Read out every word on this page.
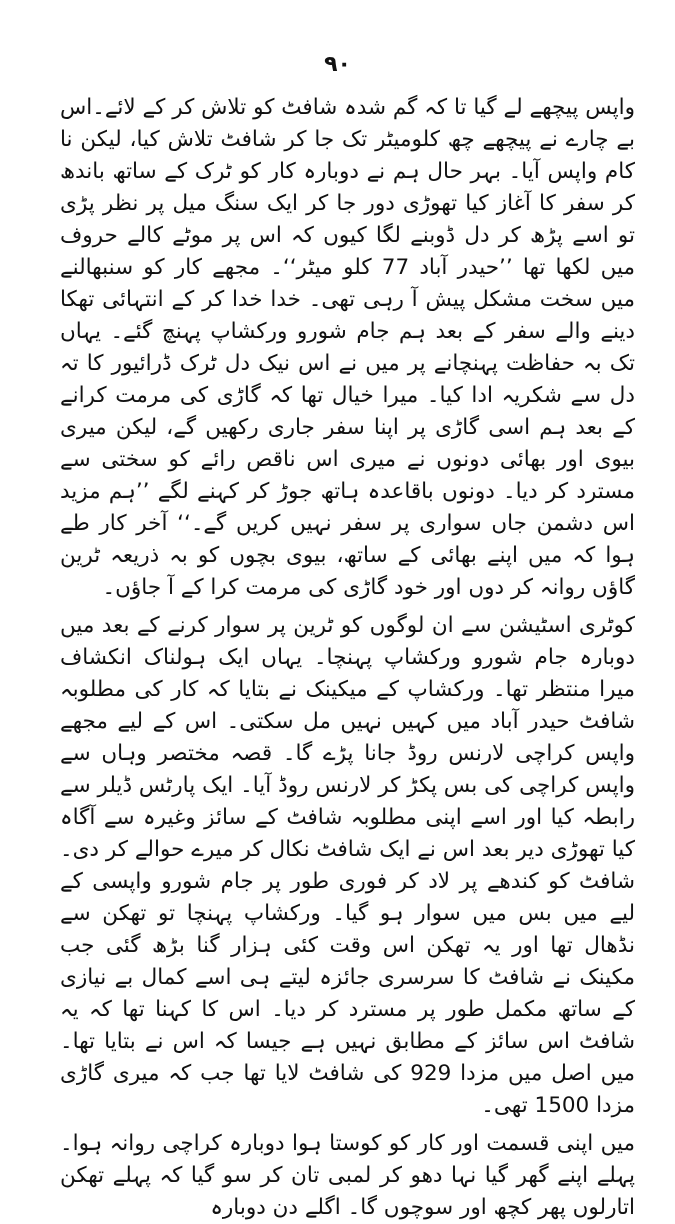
۹۰

واپس پیچھے لے گیا تا کہ گم شدہ شافٹ کو تلاش کر کے لائے۔اس بے چارے نے پیچھے چھ کلومیٹر تک جا کر شافٹ تلاش کیا، لیکن نا کام واپس آیا۔ بہر حال ہم نے دوبارہ کار کو ٹرک کے ساتھ باندھ کر سفر کا آغاز کیا تھوڑی دور جا کر ایک سنگ میل پر نظر پڑی تو اسے پڑھ کر دل ڈوبنے لگا کیوں کہ اس پر موٹے کالے حروف میں لکھا تھا ’’حیدر آباد 77 کلو میٹر‘‘۔ مجھے کار کو سنبھالنے میں سخت مشکل پیش آ رہی تھی۔ خدا خدا کر کے انتہائی تھکا دینے والے سفر کے بعد ہم جام شورو ورکشاپ پہنچ گئے۔ یہاں تک بہ حفاظت پہنچانے پر میں نے اس نیک دل ٹرک ڈرائیور کا تہ دل سے شکریہ ادا کیا۔ میرا خیال تھا کہ گاڑی کی مرمت کرانے کے بعد ہم اسی گاڑی پر اپنا سفر جاری رکھیں گے، لیکن میری بیوی اور بھائی دونوں نے میری اس ناقص رائے کو سختی سے مسترد کر دیا۔ دونوں باقاعدہ ہاتھ جوڑ کر کہنے لگے ’’ہم مزید اس دشمن جاں سواری پر سفر نہیں کریں گے۔‘‘ آخر کار طے ہوا کہ میں اپنے بھائی کے ساتھ، بیوی بچوں کو بہ ذریعہ ٹرین گاؤں روانہ کر دوں اور خود گاڑی کی مرمت کرا کے آ جاؤں۔

کوٹری اسٹیشن سے ان لوگوں کو ٹرین پر سوار کرنے کے بعد میں دوبارہ جام شورو ورکشاپ پہنچا۔ یہاں ایک ہولناک انکشاف میرا منتظر تھا۔ ورکشاپ کے میکینک نے بتایا کہ کار کی مطلوبہ شافٹ حیدر آباد میں کہیں نہیں مل سکتی۔ اس کے لیے مجھے واپس کراچی لارنس روڈ جانا پڑے گا۔ قصہ مختصر وہاں سے واپس کراچی کی بس پکڑ کر لارنس روڈ آیا۔ ایک پارٹس ڈیلر سے رابطہ کیا اور اسے اپنی مطلوبہ شافٹ کے سائز وغیرہ سے آگاہ کیا تھوڑی دیر بعد اس نے ایک شافٹ نکال کر میرے حوالے کر دی۔ شافٹ کو کندھے پر لاد کر فوری طور پر جام شورو واپسی کے لیے میں بس میں سوار ہو گیا۔ ورکشاپ پہنچا تو تھکن سے نڈھال تھا اور یہ تھکن اس وقت کئی ہزار گنا بڑھ گئی جب مکینک نے شافٹ کا سرسری جائزہ لیتے ہی اسے کمال بے نیازی کے ساتھ مکمل طور پر مسترد کر دیا۔ اس کا کہنا تھا کہ یہ شافٹ اس سائز کے مطابق نہیں ہے جیسا کہ اس نے بتایا تھا۔ میں اصل میں مزدا 929 کی شافٹ لایا تھا جب کہ میری گاڑی مزدا 1500 تھی۔

میں اپنی قسمت اور کار کو کوستا ہوا دوبارہ کراچی روانہ ہوا۔ پہلے اپنے گھر گیا نہا دھو کر لمبی تان کر سو گیا کہ پہلے تھکن اتارلوں پھر کچھ اور سوچوں گا۔ اگلے دن دوبارہ
